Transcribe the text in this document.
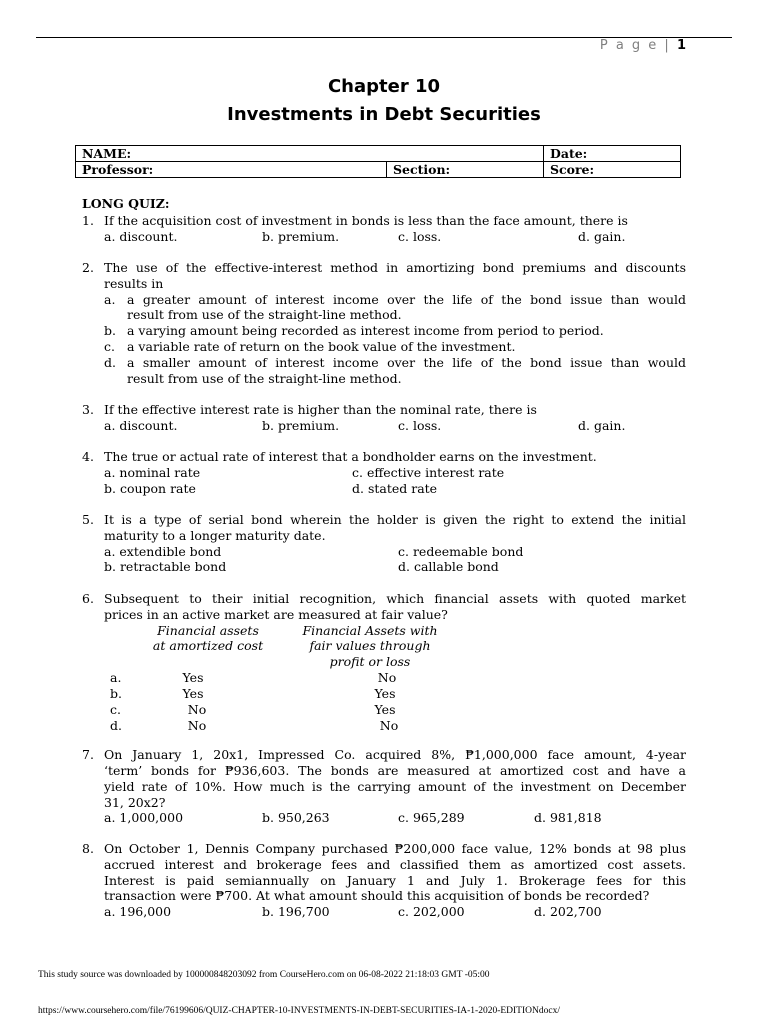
P a g e | 1
Chapter 10
Investments in Debt Securities
NAME:		Date:
Professor:	Section:	Score:
LONG QUIZ:
1. If the acquisition cost of investment in bonds is less than the face amount, there is
a. discount.	b. premium.	c. loss.	d. gain.
2. The use of the effective-interest method in amortizing bond premiums and discounts
results in
a. a greater amount of interest income over the life of the bond issue than would
result from use of the straight-line method.
b. a varying amount being recorded as interest income from period to period.
c. a variable rate of return on the book value of the investment.
d. a smaller amount of interest income over the life of the bond issue than would
result from use of the straight-line method.
3. If the effective interest rate is higher than the nominal rate, there is
a. discount.	b. premium.	c. loss.	d. gain.
4. The true or actual rate of interest that a bondholder earns on the investment.
a. nominal rate	c. effective interest rate
b. coupon rate	d. stated rate
5. It is a type of serial bond wherein the holder is given the right to extend the initial
maturity to a longer maturity date.
a. extendible bond	c. redeemable bond
b. retractable bond	d. callable bond
6. Subsequent to their initial recognition, which financial assets with quoted market
prices in an active market are measured at fair value?
Financial assets
at amortized cost
Financial Assets with
fair values through
profit or loss
a.	Yes	No
b.	Yes	Yes
c.	No	Yes
d.	No	No
7. On January 1, 20x1, Impressed Co. acquired 8%, ₱1,000,000 face amount, 4-year
‘term’ bonds for ₱936,603. The bonds are measured at amortized cost and have a
yield rate of 10%. How much is the carrying amount of the investment on December
31, 20x2?
a. 1,000,000	b. 950,263	c. 965,289	d. 981,818
8. On October 1, Dennis Company purchased ₱200,000 face value, 12% bonds at 98 plus
accrued interest and brokerage fees and classified them as amortized cost assets.
Interest is paid semiannually on January 1 and July 1. Brokerage fees for this
transaction were ₱700. At what amount should this acquisition of bonds be recorded?
a. 196,000	b. 196,700	c. 202,000	d. 202,700
This study source was downloaded by 100000848203092 from CourseHero.com on 06-08-2022 21:18:03 GMT -05:00
https://www.coursehero.com/file/76199606/QUIZ-CHAPTER-10-INVESTMENTS-IN-DEBT-SECURITIES-IA-1-2020-EDITIONdocx/
